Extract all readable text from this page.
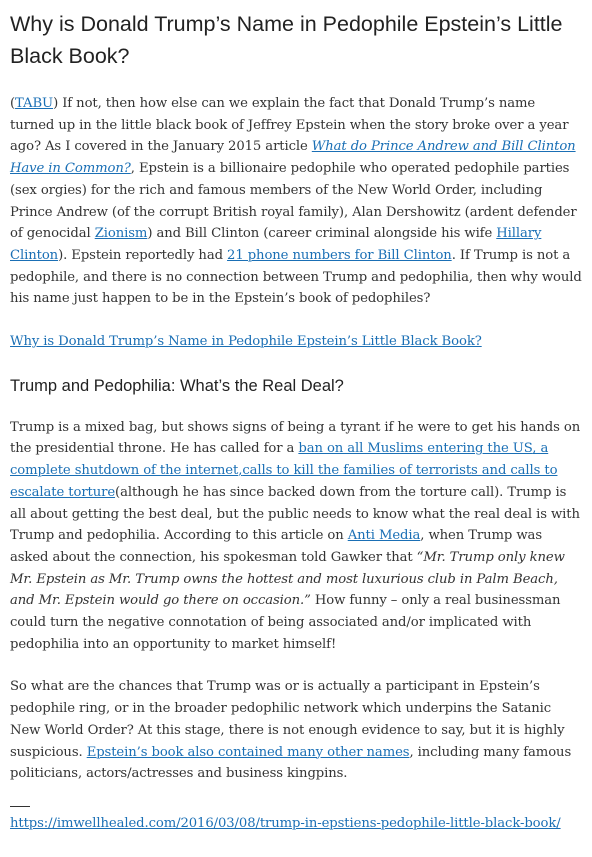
Why is Donald Trump’s Name in Pedophile Epstein’s Little Black Book?

(TABU) If not, then how else can we explain the fact that Donald Trump’s name turned up in the little black book of Jeffrey Epstein when the story broke over a year ago? As I covered in the January 2015 article What do Prince Andrew and Bill Clinton Have in Common?, Epstein is a billionaire pedophile who operated pedophile parties (sex orgies) for the rich and famous members of the New World Order, including Prince Andrew (of the corrupt British royal family), Alan Dershowitz (ardent defender of genocidal Zionism) and Bill Clinton (career criminal alongside his wife Hillary Clinton). Epstein reportedly had 21 phone numbers for Bill Clinton. If Trump is not a pedophile, and there is no connection between Trump and pedophilia, then why would his name just happen to be in the Epstein’s book of pedophiles?

Why is Donald Trump’s Name in Pedophile Epstein’s Little Black Book?

Trump and Pedophilia: What’s the Real Deal?

Trump is a mixed bag, but shows signs of being a tyrant if he were to get his hands on the presidential throne. He has called for a ban on all Muslims entering the US, a complete shutdown of the internet,calls to kill the families of terrorists and calls to escalate torture(although he has since backed down from the torture call). Trump is all about getting the best deal, but the public needs to know what the real deal is with Trump and pedophilia. According to this article on Anti Media, when Trump was asked about the connection, his spokesman told Gawker that “Mr. Trump only knew Mr. Epstein as Mr. Trump owns the hottest and most luxurious club in Palm Beach, and Mr. Epstein would go there on occasion.” How funny – only a real businessman could turn the negative connotation of being associated and/or implicated with pedophilia into an opportunity to market himself!

So what are the chances that Trump was or is actually a participant in Epstein’s pedophile ring, or in the broader pedophilic network which underpins the Satanic New World Order? At this stage, there is not enough evidence to say, but it is highly suspicious. Epstein’s book also contained many other names, including many famous politicians, actors/actresses and business kingpins.

https://imwellhealed.com/2016/03/08/trump-in-epstiens-pedophile-little-black-book/
